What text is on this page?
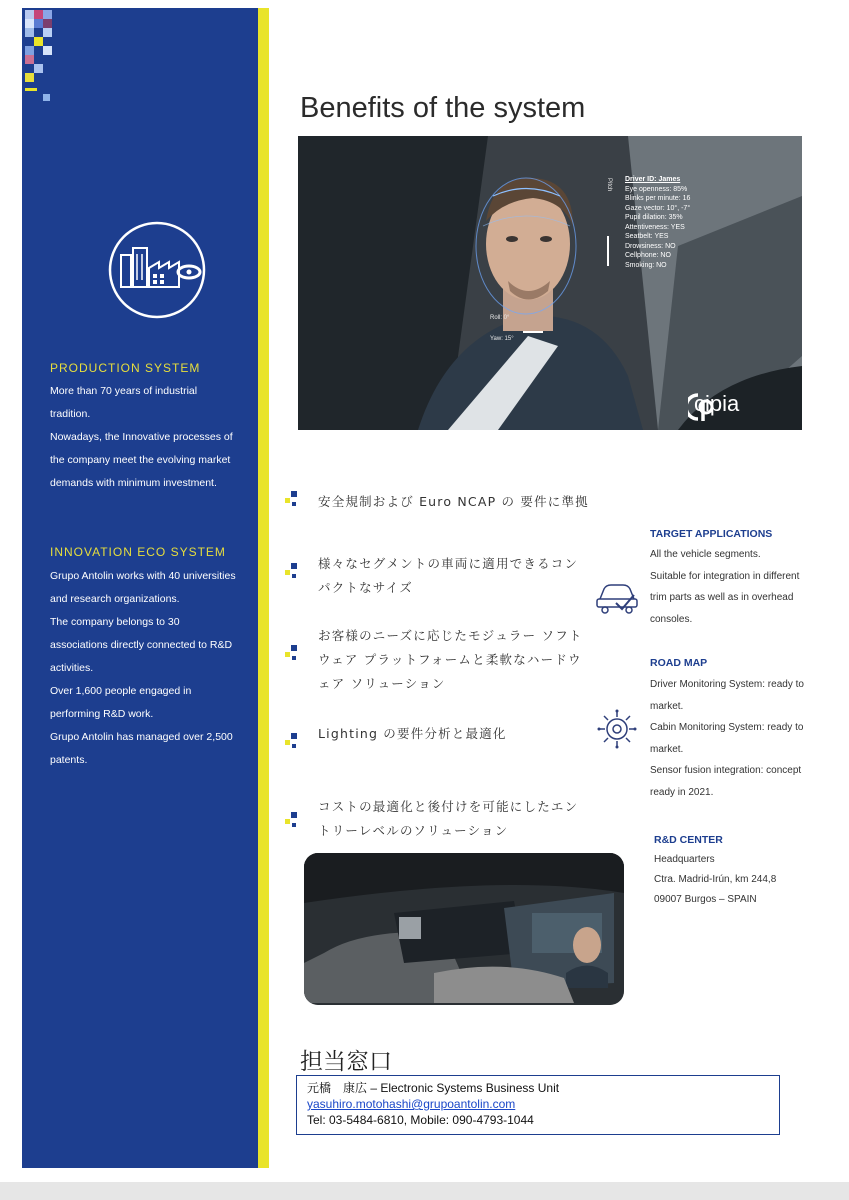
PRODUCTION SYSTEM
More than 70 years of industrial
tradition.
Nowadays, the Innovative processes of
the company meet the evolving market
demands with minimum investment.
INNOVATION ECO SYSTEM
Grupo Antolin works with 40 universities
and research organizations.
The company belongs to 30
associations directly connected to R&D
activities.
Over 1,600 people engaged in
performing R&D work.
Grupo Antolin has managed over 2,500
patents.
Benefits of the system
Pitch
Roll: 0°
Yaw: 15°
Driver ID: James
Eye openness: 85%
Blinks per minute: 16
Gaze vector: 10°, -7°
Pupil dilation: 35%
Attentiveness: YES
Seatbelt: YES
Drowsiness: NO
Cellphone: NO
Smoking: NO
cipia
安全規制および Euro NCAP の 要件に準拠
様々なセグメントの車両に適用できるコン
パクトなサイズ
お客様のニーズに応じたモジュラー ソフト
ウェア プラットフォームと柔軟なハードウ
ェア ソリューション
Lighting の要件分析と最適化
コストの最適化と後付けを可能にしたエン
トリーレベルのソリューション
TARGET APPLICATIONS
All the vehicle segments.
Suitable for integration in different
trim parts as well as in overhead
consoles.
ROAD MAP
Driver Monitoring System: ready to
market.
Cabin Monitoring System: ready to
market.
Sensor fusion integration: concept
ready in 2021.
R&D CENTER
Headquarters
Ctra. Madrid-Irún, km 244,8
09007 Burgos – SPAIN
担当窓口
元橋　康広 – Electronic Systems Business Unit
yasuhiro.motohashi@grupoantolin.com
Tel: 03-5484-6810, Mobile: 090-4793-1044
